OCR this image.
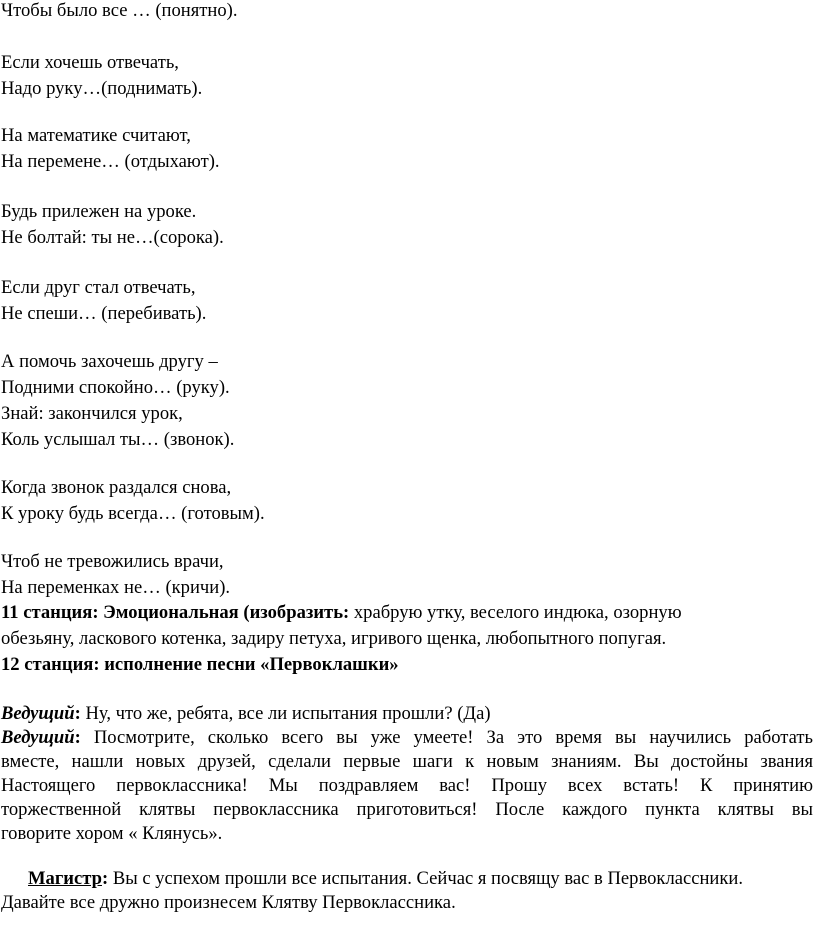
Чтобы было все … (понятно).
Если хочешь отвечать,
Надо руку…(поднимать).
На математике считают,
На перемене… (отдыхают).
Будь прилежен на уроке.
Не болтай: ты не…(сорока).
Если друг стал отвечать,
Не спеши… (перебивать).
А помочь захочешь другу –
Подними спокойно… (руку).
Знай: закончился урок,
Коль услышал ты… (звонок).
Когда звонок раздался снова,
К уроку будь всегда… (готовым).
Чтоб не тревожились врачи,
На переменках не… (кричи).
11 станция: Эмоциональная (изобразить: храбрую утку, веселого индюка, озорную
обезьяну, ласкового котенка, задиру петуха, игривого щенка, любопытного попугая.
12 станция: исполнение песни «Первоклашки»
Ведущий: Ну, что же, ребята, все ли испытания прошли? (Да)
Ведущий: Посмотрите, сколько всего вы уже умеете! За это время вы научились работать
вместе, нашли новых друзей, сделали первые шаги к новым знаниям. Вы достойны звания
Настоящего первоклассника! Мы поздравляем вас! Прошу всех встать! К принятию
торжественной клятвы первоклассника приготовиться! После каждого пункта клятвы вы
говорите хором « Клянусь».
Магистр: Вы с успехом прошли все испытания. Сейчас я посвящу вас в Первоклассники.
Давайте все дружно произнесем Клятву Первоклассника.
